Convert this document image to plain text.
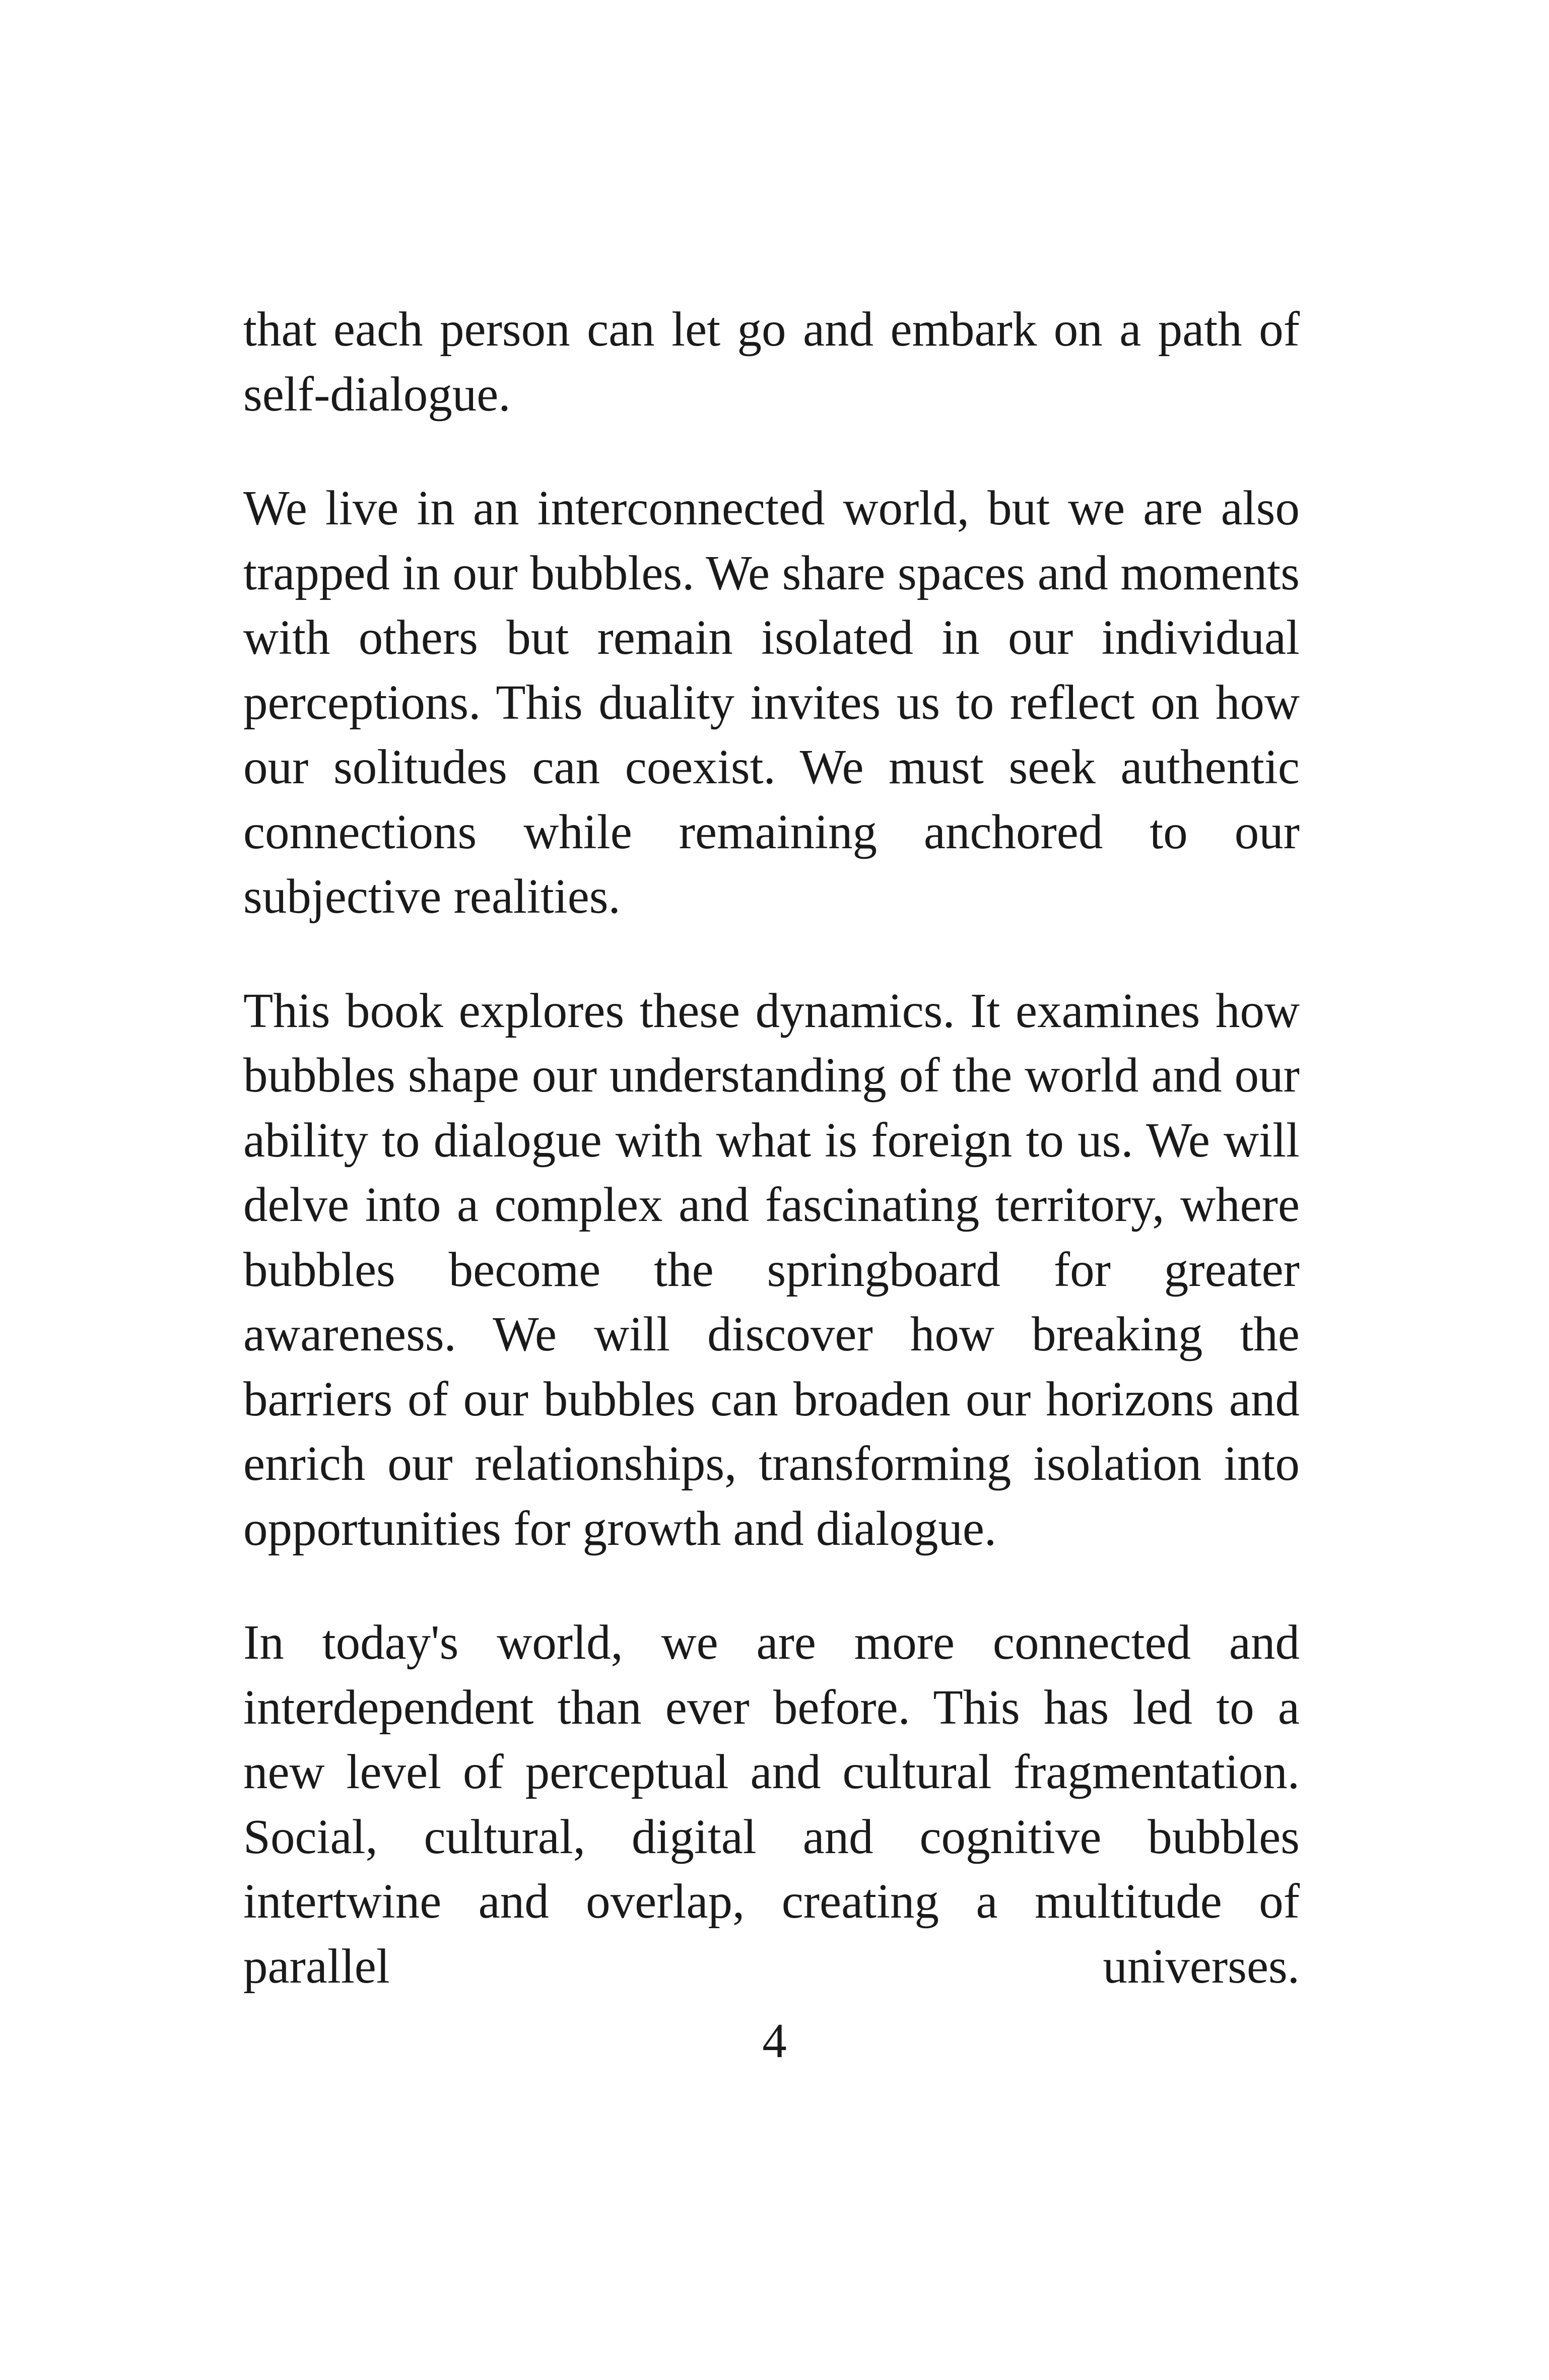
that each person can let go and embark on a path of self-dialogue.

We live in an interconnected world, but we are also trapped in our bubbles. We share spaces and moments with others but remain isolated in our individual perceptions. This duality invites us to reflect on how our solitudes can coexist. We must seek authentic connections while remaining anchored to our subjective realities.

This book explores these dynamics. It examines how bubbles shape our understanding of the world and our ability to dialogue with what is foreign to us. We will delve into a complex and fascinating territory, where bubbles become the springboard for greater awareness. We will discover how breaking the barriers of our bubbles can broaden our horizons and enrich our relationships, transforming isolation into opportunities for growth and dialogue.

In today's world, we are more connected and interdependent than ever before. This has led to a new level of perceptual and cultural fragmentation. Social, cultural, digital and cognitive bubbles intertwine and overlap, creating a multitude of parallel universes.

4
